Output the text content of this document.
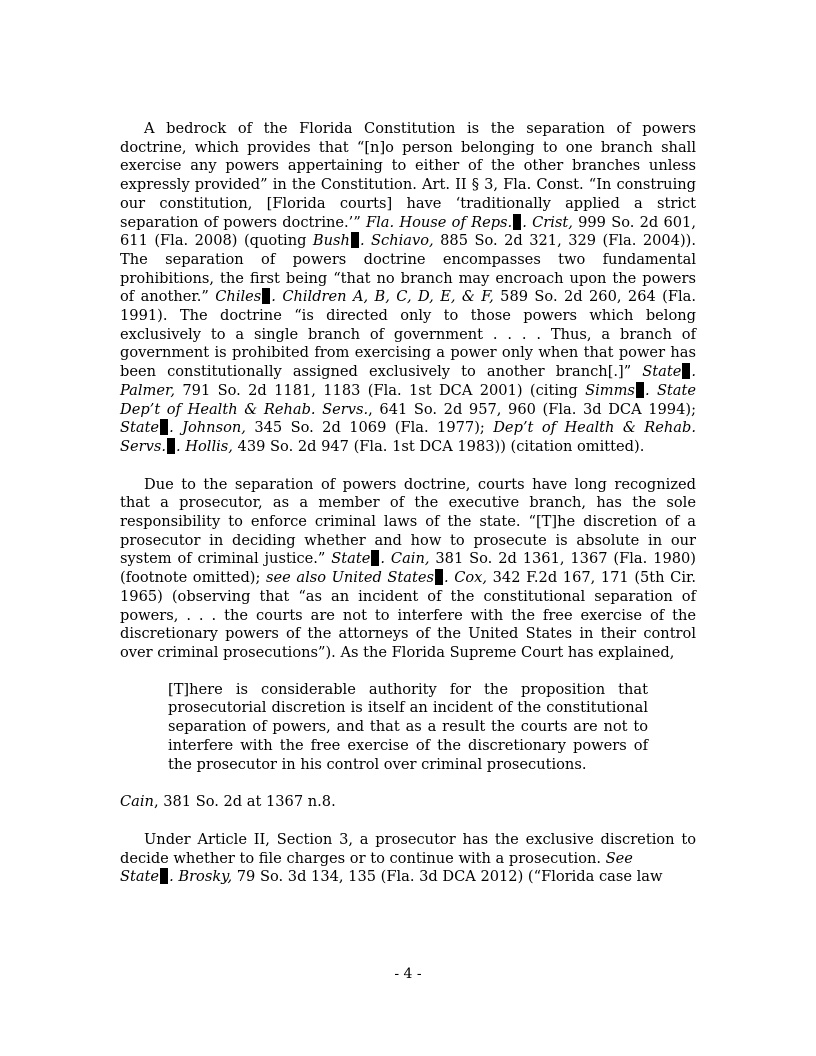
A bedrock of the Florida Constitution is the separation of powers doctrine, which provides that “[n]o person belonging to one branch shall exercise any powers appertaining to either of the other branches unless expressly provided” in the Constitution. Art. II § 3, Fla. Const. “In construing our constitution, [Florida courts] have ‘traditionally applied a strict separation of powers doctrine.’” Fla. House of Reps. . Crist, 999 So. 2d 601, 611 (Fla. 2008) (quoting Bush . Schiavo, 885 So. 2d 321, 329 (Fla. 2004)). The separation of powers doctrine encompasses two fundamental prohibitions, the first being “that no branch may encroach upon the powers of another.” Chiles . Children A, B, C, D, E, & F, 589 So. 2d 260, 264 (Fla. 1991). The doctrine “is directed only to those powers which belong exclusively to a single branch of government . . . . Thus, a branch of government is prohibited from exercising a power only when that power has been constitutionally assigned exclusively to another branch[.]” State . Palmer, 791 So. 2d 1181, 1183 (Fla. 1st DCA 2001) (citing Simms . State Dep’t of Health & Rehab. Servs., 641 So. 2d 957, 960 (Fla. 3d DCA 1994); State . Johnson, 345 So. 2d 1069 (Fla. 1977); Dep’t of Health & Rehab. Servs. . Hollis, 439 So. 2d 947 (Fla. 1st DCA 1983)) (citation omitted).

Due to the separation of powers doctrine, courts have long recognized that a prosecutor, as a member of the executive branch, has the sole responsibility to enforce criminal laws of the state. “[T]he discretion of a prosecutor in deciding whether and how to prosecute is absolute in our system of criminal justice.” State . Cain, 381 So. 2d 1361, 1367 (Fla. 1980) (footnote omitted); see also United States . Cox, 342 F.2d 167, 171 (5th Cir. 1965) (observing that “as an incident of the constitutional separation of powers, . . . the courts are not to interfere with the free exercise of the discretionary powers of the attorneys of the United States in their control over criminal prosecutions”). As the Florida Supreme Court has explained,

[T]here is considerable authority for the proposition that prosecutorial discretion is itself an incident of the constitutional separation of powers, and that as a result the courts are not to interfere with the free exercise of the discretionary powers of the prosecutor in his control over criminal prosecutions.
Cain, 381 So. 2d at 1367 n.8.

Under Article II, Section 3, a prosecutor has the exclusive discretion to decide whether to file charges or to continue with a prosecution. See
State . Brosky, 79 So. 3d 134, 135 (Fla. 3d DCA 2012) (“Florida case law

- 4 -
